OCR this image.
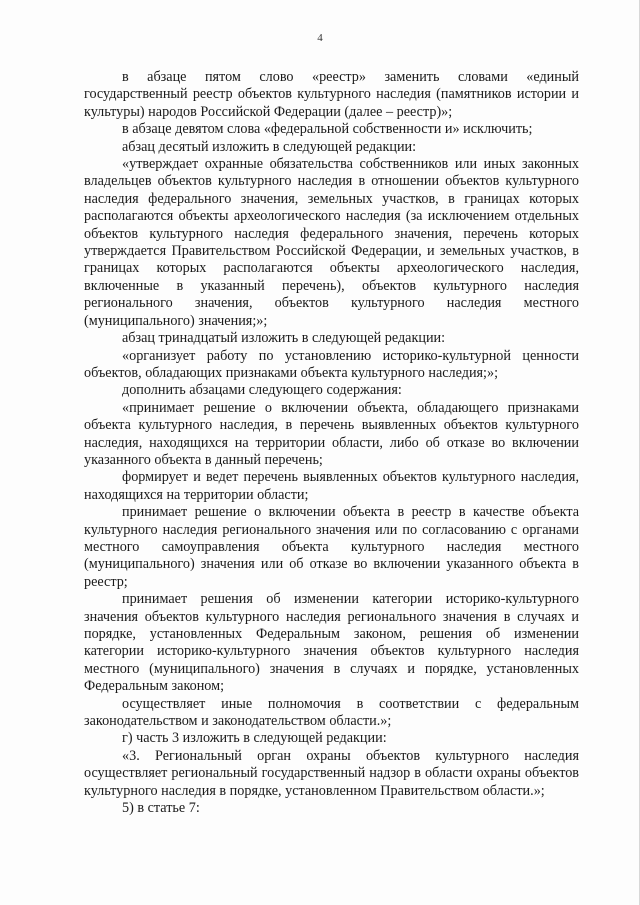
4

в абзаце пятом слово «реестр» заменить словами «единый государственный реестр объектов культурного наследия (памятников истории и культуры) народов Российской Федерации (далее – реестр)»;

в абзаце девятом слова «федеральной собственности и» исключить;

абзац десятый изложить в следующей редакции:

«утверждает охранные обязательства собственников или иных законных владельцев объектов культурного наследия в отношении объектов культурного наследия федерального значения, земельных участков, в границах которых располагаются объекты археологического наследия (за исключением отдельных объектов культурного наследия федерального значения, перечень которых утверждается Правительством Российской Федерации, и земельных участков, в границах которых располагаются объекты археологического наследия, включенные в указанный перечень), объектов культурного наследия регионального значения, объектов культурного наследия местного (муниципального) значения;»;

абзац тринадцатый изложить в следующей редакции:

«организует работу по установлению историко-культурной ценности объектов, обладающих признаками объекта культурного наследия;»;

дополнить абзацами следующего содержания:

«принимает решение о включении объекта, обладающего признаками объекта культурного наследия, в перечень выявленных объектов культурного наследия, находящихся на территории области, либо об отказе во включении указанного объекта в данный перечень;

формирует и ведет перечень выявленных объектов культурного наследия, находящихся на территории области;

принимает решение о включении объекта в реестр в качестве объекта культурного наследия регионального значения или по согласованию с органами местного самоуправления объекта культурного наследия местного (муниципального) значения или об отказе во включении указанного объекта в реестр;

принимает решения об изменении категории историко-культурного значения объектов культурного наследия регионального значения в случаях и порядке, установленных Федеральным законом, решения об изменении категории историко-культурного значения объектов культурного наследия местного (муниципального) значения в случаях и порядке, установленных Федеральным законом;

осуществляет иные полномочия в соответствии с федеральным законодательством и законодательством области.»;

г) часть 3 изложить в следующей редакции:

«3. Региональный орган охраны объектов культурного наследия осуществляет региональный государственный надзор в области охраны объектов культурного наследия в порядке, установленном Правительством области.»;

5) в статье 7:
